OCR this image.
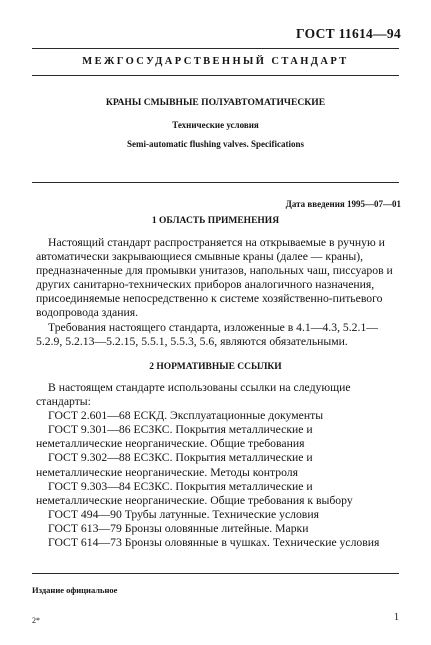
ГОСТ 11614—94
МЕЖГОСУДАРСТВЕННЫЙ СТАНДАРТ
КРАНЫ СМЫВНЫЕ ПОЛУАВТОМАТИЧЕСКИЕ
Технические условия
Semi-automatic flushing valves. Specifications
Дата введения 1995—07—01
1 ОБЛАСТЬ ПРИМЕНЕНИЯ

Настоящий стандарт распространяется на открываемые в ручную и автоматически закрывающиеся смывные краны (далее — краны), предназначенные для промывки унитазов, напольных чаш, писсуаров и других санитарно-технических приборов аналогичного назначения, присоединяемые непосредственно к системе хозяйственно-питьевого водопровода здания.

Требования настоящего стандарта, изложенные в 4.1—4.3, 5.2.1—5.2.9, 5.2.13—5.2.15, 5.5.1, 5.5.3, 5.6, являются обязательными.

2 НОРМАТИВНЫЕ ССЫЛКИ

В настоящем стандарте использованы ссылки на следующие стандарты:

ГОСТ 2.601—68 ЕСКД. Эксплуатационные документы

ГОСТ 9.301—86 ЕСЗКС. Покрытия металлические и неметаллические неорганические. Общие требования

ГОСТ 9.302—88 ЕСЗКС. Покрытия металлические и неметаллические неорганические. Методы контроля

ГОСТ 9.303—84 ЕСЗКС. Покрытия металлические и неметаллические неорганические. Общие требования к выбору

ГОСТ 494—90 Трубы латунные. Технические условия

ГОСТ 613—79 Бронзы оловянные литейные. Марки

ГОСТ 614—73 Бронзы оловянные в чушках. Технические условия

Издание официальное
2*	1
